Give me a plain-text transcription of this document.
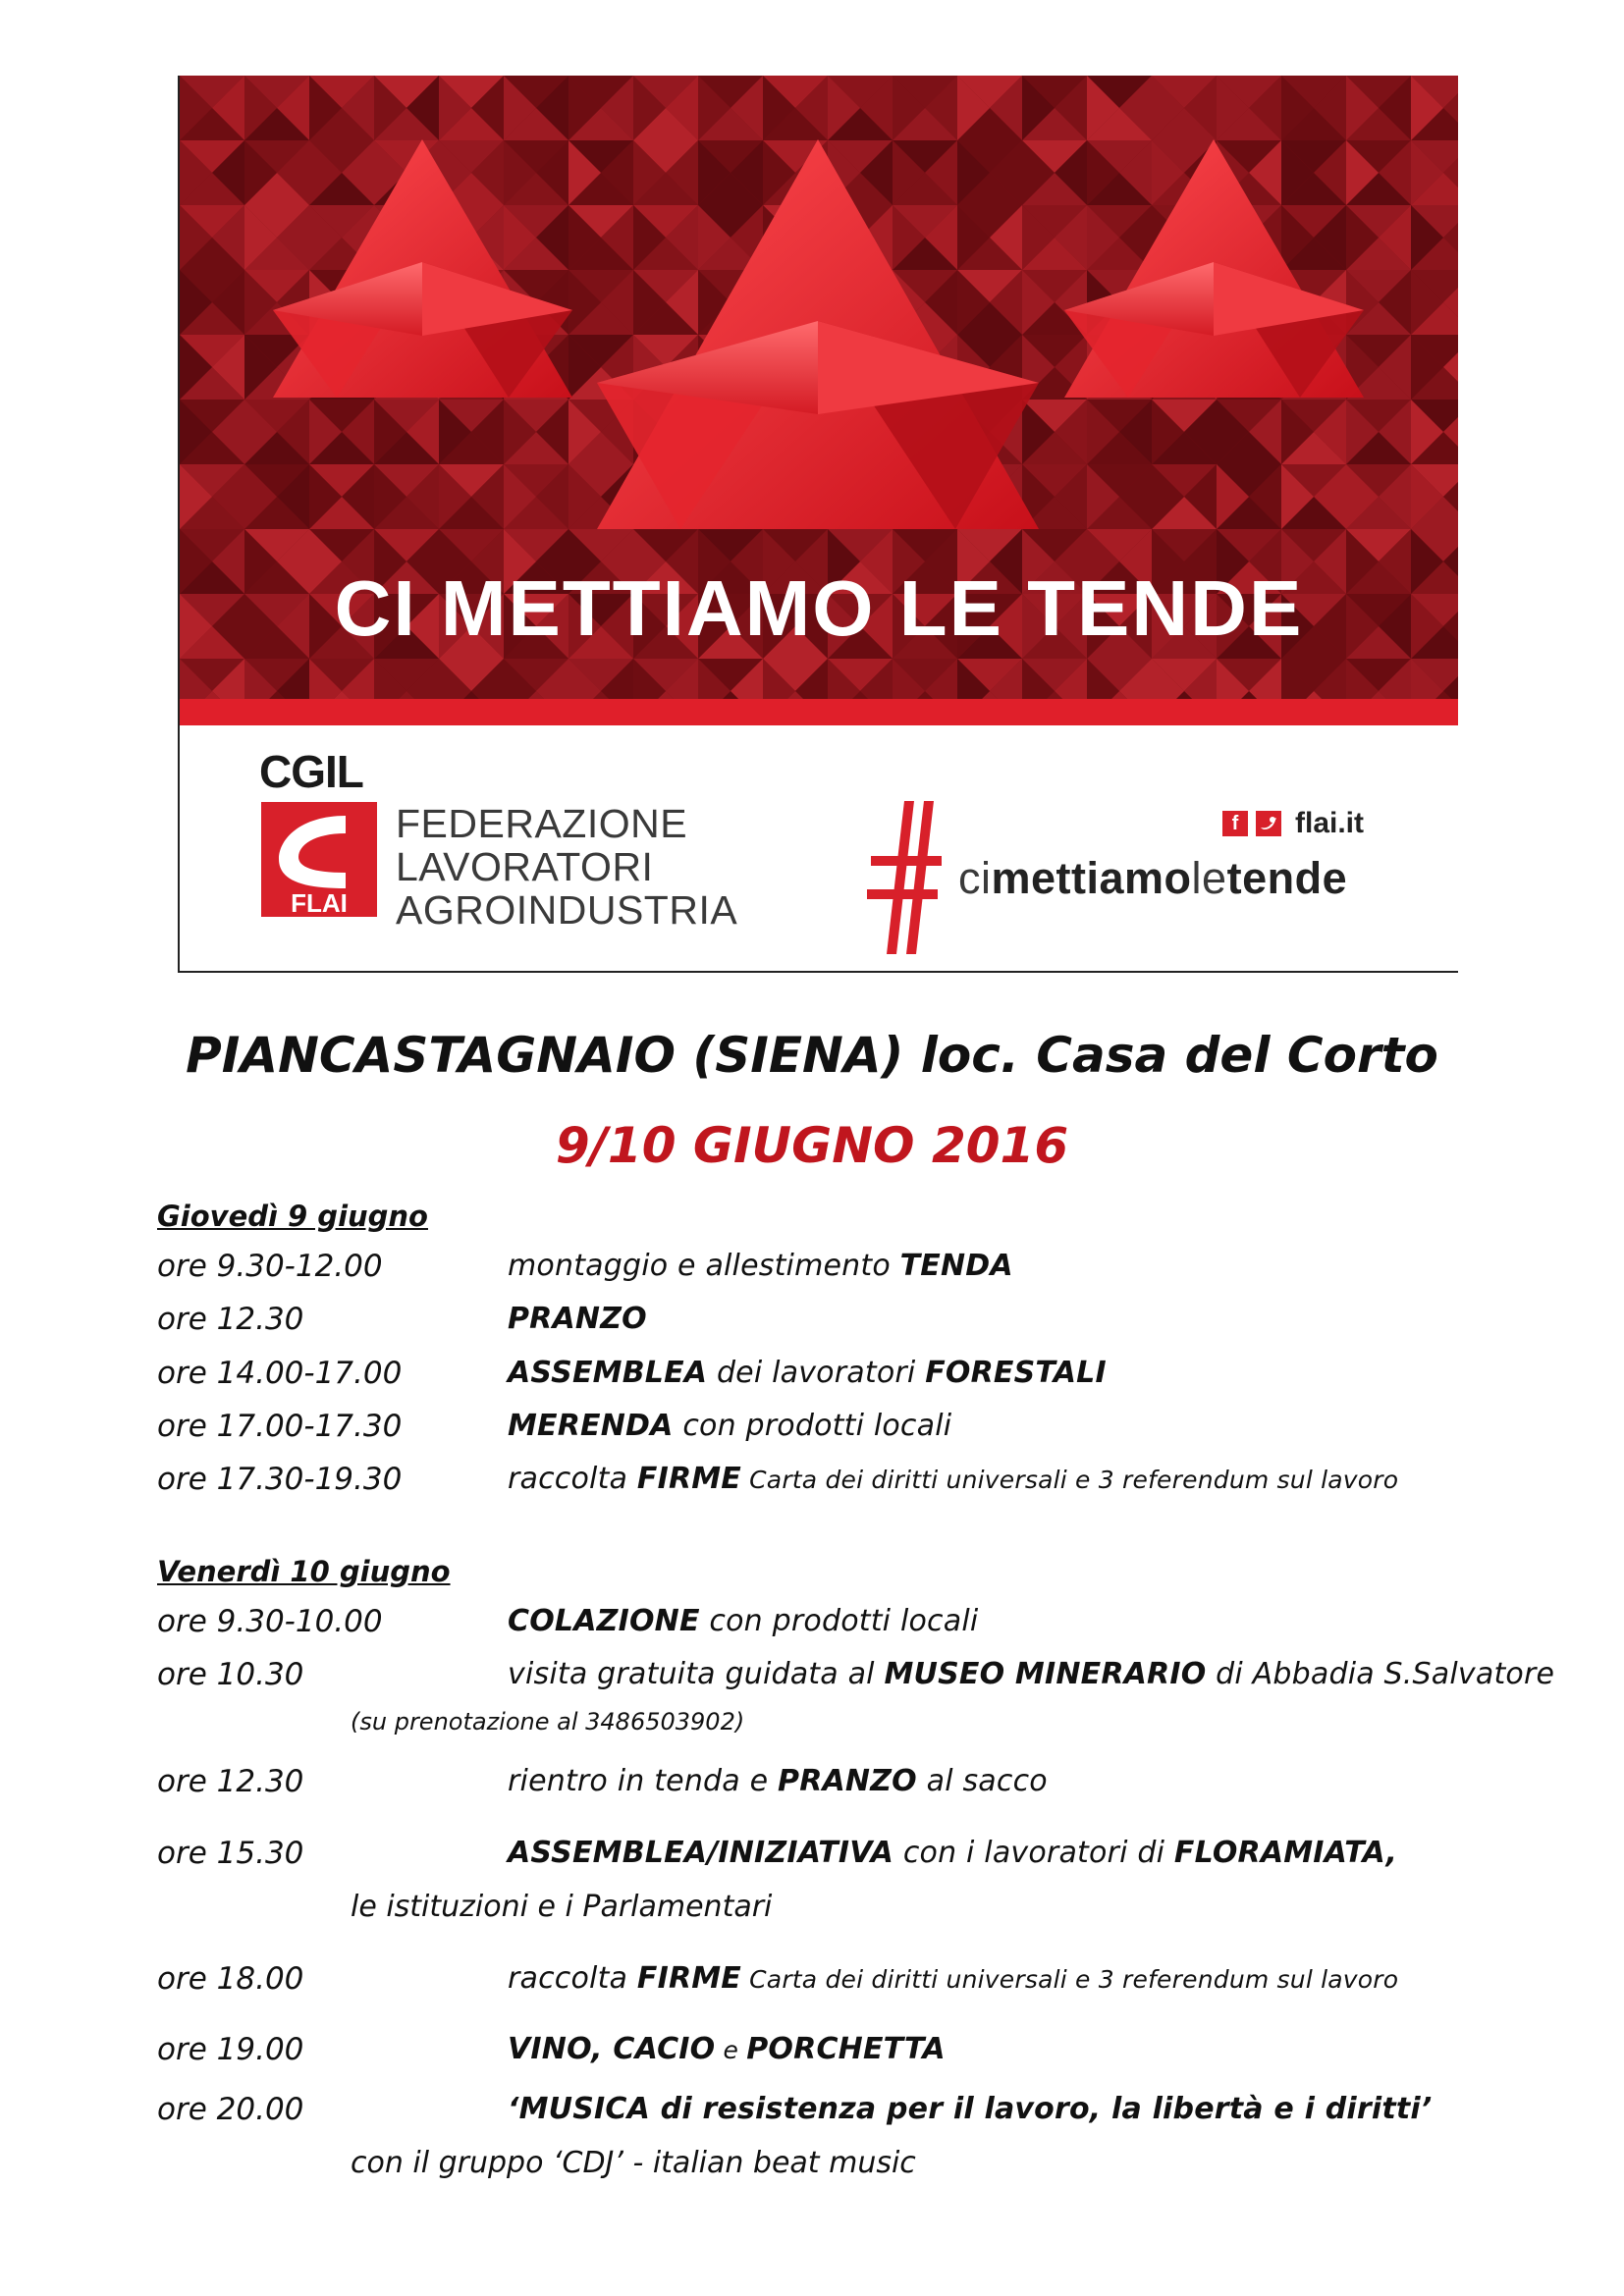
CI METTIAMO LE TENDE
CGIL
FLAI
FEDERAZIONE
LAVORATORI
AGROINDUSTRIA
f	flai.it
cimettiamoletende
PIANCASTAGNAIO (SIENA) loc. Casa del Corto
9/10 GIUGNO 2016
Giovedì 9 giugno
ore 9.30-12.00	montaggio e allestimento TENDA
ore 12.30	PRANZO
ore 14.00-17.00	ASSEMBLEA dei lavoratori FORESTALI
ore 17.00-17.30	MERENDA con prodotti locali
ore 17.30-19.30	raccolta FIRME Carta dei diritti universali e 3 referendum sul lavoro
Venerdì 10 giugno
ore 9.30-10.00	COLAZIONE con prodotti locali
ore 10.30	visita gratuita guidata al MUSEO MINERARIO di Abbadia S.Salvatore
(su prenotazione al 3486503902)
ore 12.30	rientro in tenda e PRANZO al sacco
ore 15.30	ASSEMBLEA/INIZIATIVA con i lavoratori di FLORAMIATA,
le istituzioni e i Parlamentari
ore 18.00	raccolta FIRME Carta dei diritti universali e 3 referendum sul lavoro
ore 19.00	VINO, CACIO e PORCHETTA
ore 20.00	‘MUSICA di resistenza per il lavoro, la libertà e i diritti’
con il gruppo ‘CDJ’ - italian beat music
